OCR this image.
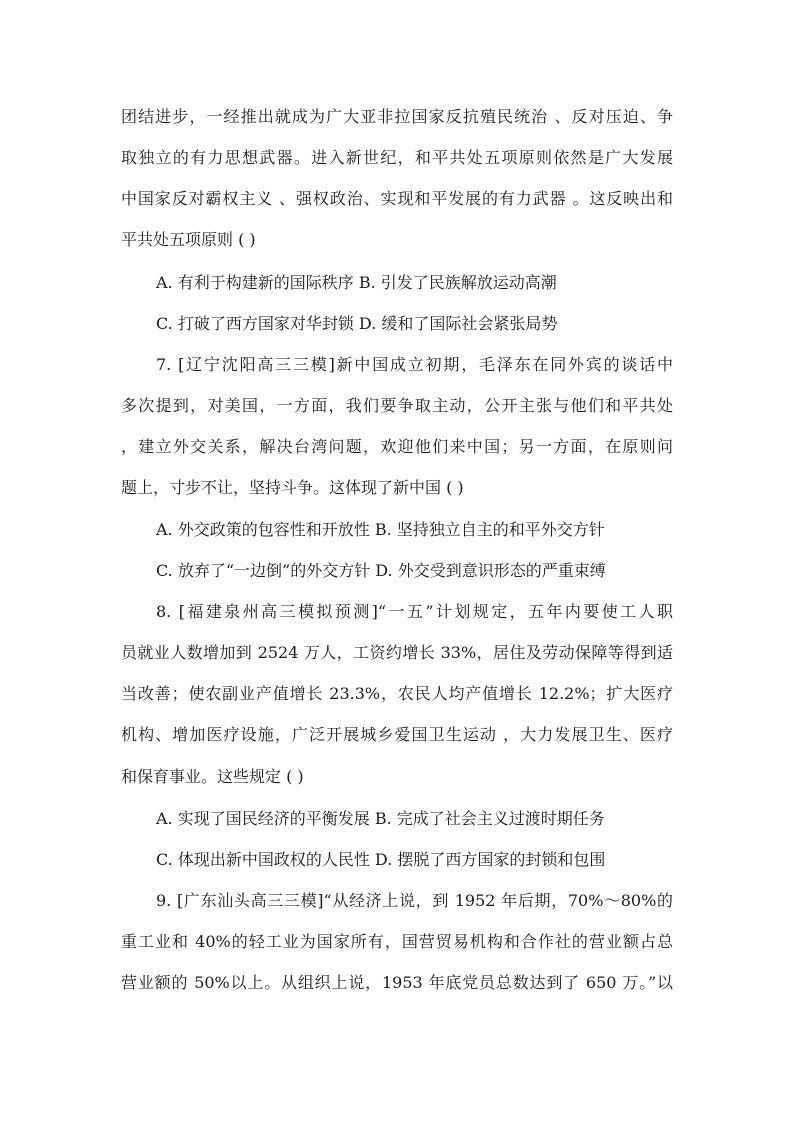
团结进步，一经推出就成为广大亚非拉国家反抗殖民统治 、反对压迫、争
取独立的有力思想武器。进入新世纪，和平共处五项原则依然是广大发展
中国家反对霸权主义 、强权政治、实现和平发展的有力武器 。这反映出和
平共处五项原则 ( )
A. 有利于构建新的国际秩序 B. 引发了民族解放运动高潮
C. 打破了西方国家对华封锁 D. 缓和了国际社会紧张局势
7. [辽宁沈阳高三三模]新中国成立初期，毛泽东在同外宾的谈话中
多次提到，对美国，一方面，我们要争取主动，公开主张与他们和平共处
，建立外交关系，解决台湾问题，欢迎他们来中国；另一方面，在原则问
题上，寸步不让，坚持斗争。这体现了新中国 ( )
A. 外交政策的包容性和开放性 B. 坚持独立自主的和平外交方针
C. 放弃了“一边倒”的外交方针 D. 外交受到意识形态的严重束缚
8. [福建泉州高三模拟预测]“一五”计划规定，五年内要使工人职
员就业人数增加到 2524 万人，工资约增长 33%，居住及劳动保障等得到适
当改善；使农副业产值增长 23.3%，农民人均产值增长 12.2%；扩大医疗
机构、增加医疗设施，广泛开展城乡爱国卫生运动 ，大力发展卫生、医疗
和保育事业。这些规定 ( )
A. 实现了国民经济的平衡发展 B. 完成了社会主义过渡时期任务
C. 体现出新中国政权的人民性 D. 摆脱了西方国家的封锁和包围
9. [广东汕头高三三模]“从经济上说，到 1952 年后期，70%～80%的
重工业和 40%的轻工业为国家所有，国营贸易机构和合作社的营业额占总
营业额的 50%以上。从组织上说，1953 年底党员总数达到了 650 万。”以
